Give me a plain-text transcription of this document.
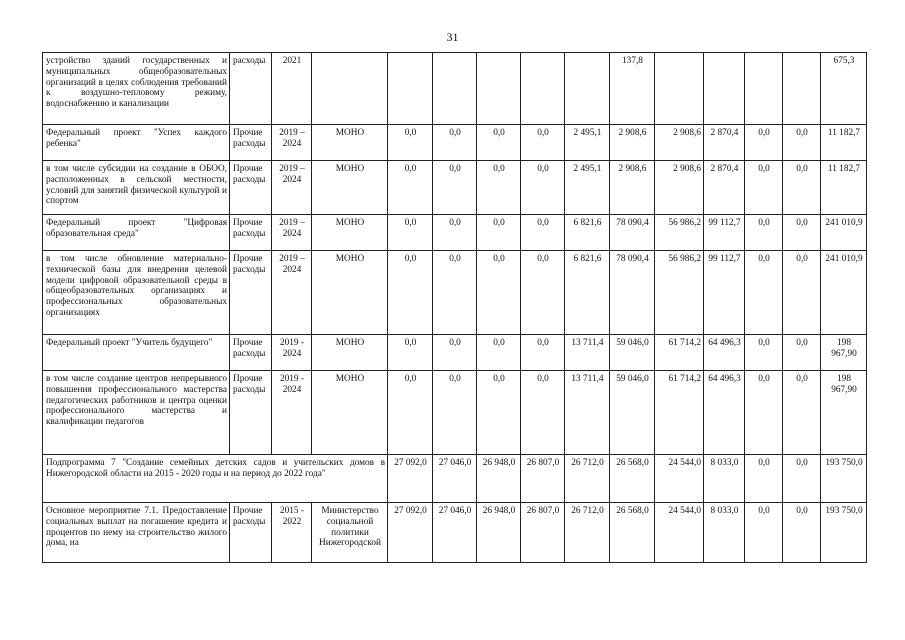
31
устройство зданий государственных и муниципальных общеобразовательных организаций в целях соблюдения требований к воздушно-тепловому режиму, водоснабжению и канализации	расходы	2021							137,8					675,3
Федеральный проект "Успех каждого ребенка"	Прочие расходы	2019 – 2024	МОНО	0,0	0,0	0,0	0,0	2 495,1	2 908,6	2 908,6	2 870,4	0,0	0,0	11 182,7
в том числе субсидии на создание в ОБОО, расположенных в сельской местности, условий для занятий физической культурой и спортом	Прочие расходы	2019 – 2024	МОНО	0,0	0,0	0,0	0,0	2 495,1	2 908,6	2 908,6	2 870,4	0,0	0,0	11 182,7
Федеральный проект "Цифровая образовательная среда"	Прочие расходы	2019 – 2024	МОНО	0,0	0,0	0,0	0,0	6 821,6	78 090,4	56 986,2	99 112,7	0,0	0,0	241 010,9
в том числе обновление материально-технической базы для внедрения целевой модели цифровой образовательной среды в общеобразовательных организациях и профессиональных образовательных организациях	Прочие расходы	2019 – 2024	МОНО	0,0	0,0	0,0	0,0	6 821,6	78 090,4	56 986,2	99 112,7	0,0	0,0	241 010,9
Федеральный проект "Учитель будущего"	Прочие расходы	2019 - 2024	МОНО	0,0	0,0	0,0	0,0	13 711,4	59 046,0	61 714,2	64 496,3	0,0	0,0	198 967,90
в том числе создание центров непрерывного повышения профессионального мастерства педагогических работников и центра оценки профессионального мастерства и квалификации педагогов	Прочие расходы	2019 - 2024	МОНО	0,0	0,0	0,0	0,0	13 711,4	59 046,0	61 714,2	64 496,3	0,0	0,0	198 967,90
Подпрограмма 7 "Создание семейных детских садов и учительских домов в Нижегородской области на 2015 - 2020 годы и на период до 2022 года"				27 092,0	27 046,0	26 948,0	26 807,0	26 712,0	26 568,0	24 544,0	8 033,0	0,0	0,0	193 750,0
Основное мероприятие 7.1. Предоставление социальных выплат на погашение кредита и процентов по нему на строительство жилого дома, на	Прочие расходы	2015 - 2022	Министерство социальной политики Нижегородской	27 092,0	27 046,0	26 948,0	26 807,0	26 712,0	26 568,0	24 544,0	8 033,0	0,0	0,0	193 750,0
